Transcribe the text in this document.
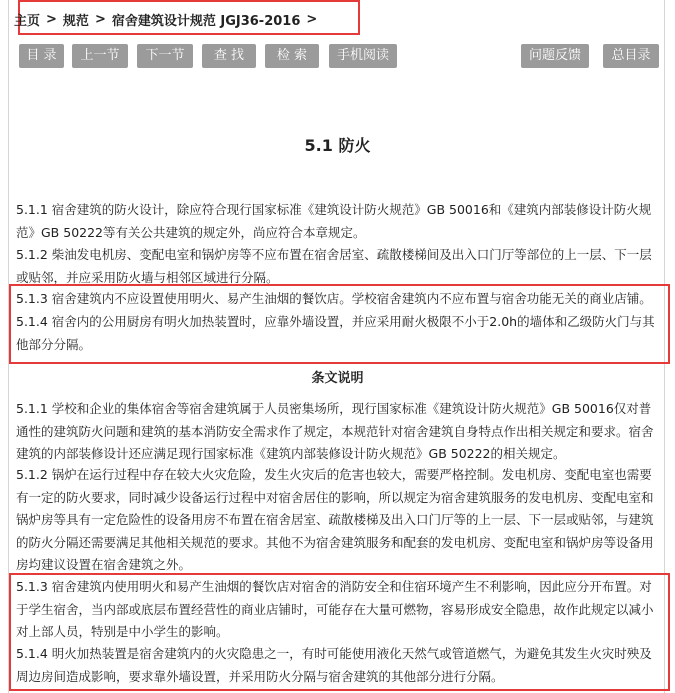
主页 > 规范 > 宿舍建筑设计规范 JGJ36-2016 >
目 录	上一节	下一节	查 找	检 索	手机阅读	问题反馈	总目录
5.1 防火

5.1.1 宿舍建筑的防火设计，除应符合现行国家标准《建筑设计防火规范》GB 50016和《建筑内部装修设计防火规范》GB 50222等有关公共建筑的规定外，尚应符合本章规定。

5.1.2 柴油发电机房、变配电室和锅炉房等不应布置在宿舍居室、疏散楼梯间及出入口门厅等部位的上一层、下一层或贴邻，并应采用防火墙与相邻区域进行分隔。

5.1.3 宿舍建筑内不应设置使用明火、易产生油烟的餐饮店。学校宿舍建筑内不应布置与宿舍功能无关的商业店铺。

5.1.4 宿舍内的公用厨房有明火加热装置时，应靠外墙设置，并应采用耐火极限不小于2.0h的墙体和乙级防火门与其他部分分隔。

条文说明

5.1.1 学校和企业的集体宿舍等宿舍建筑属于人员密集场所，现行国家标准《建筑设计防火规范》GB 50016仅对普通性的建筑防火问题和建筑的基本消防安全需求作了规定，本规范针对宿舍建筑自身特点作出相关规定和要求。宿舍建筑的内部装修设计还应满足现行国家标准《建筑内部装修设计防火规范》GB 50222的相关规定。

5.1.2 锅炉在运行过程中存在较大火灾危险，发生火灾后的危害也较大，需要严格控制。发电机房、变配电室也需要有一定的防火要求，同时减少设备运行过程中对宿舍居住的影响，所以规定为宿舍建筑服务的发电机房、变配电室和锅炉房等具有一定危险性的设备用房不布置在宿舍居室、疏散楼梯及出入口门厅等的上一层、下一层或贴邻，与建筑的防火分隔还需要满足其他相关规范的要求。其他不为宿舍建筑服务和配套的发电机房、变配电室和锅炉房等设备用房均建议设置在宿舍建筑之外。

5.1.3 宿舍建筑内使用明火和易产生油烟的餐饮店对宿舍的消防安全和住宿环境产生不利影响，因此应分开布置。对于学生宿舍，当内部或底层布置经营性的商业店铺时，可能存在大量可燃物，容易形成安全隐患，故作此规定以减小对上部人员，特别是中小学生的影响。

5.1.4 明火加热装置是宿舍建筑内的火灾隐患之一，有时可能使用液化天然气或管道燃气，为避免其发生火灾时殃及周边房间造成影响，要求靠外墙设置，并采用防火分隔与宿舍建筑的其他部分进行分隔。
